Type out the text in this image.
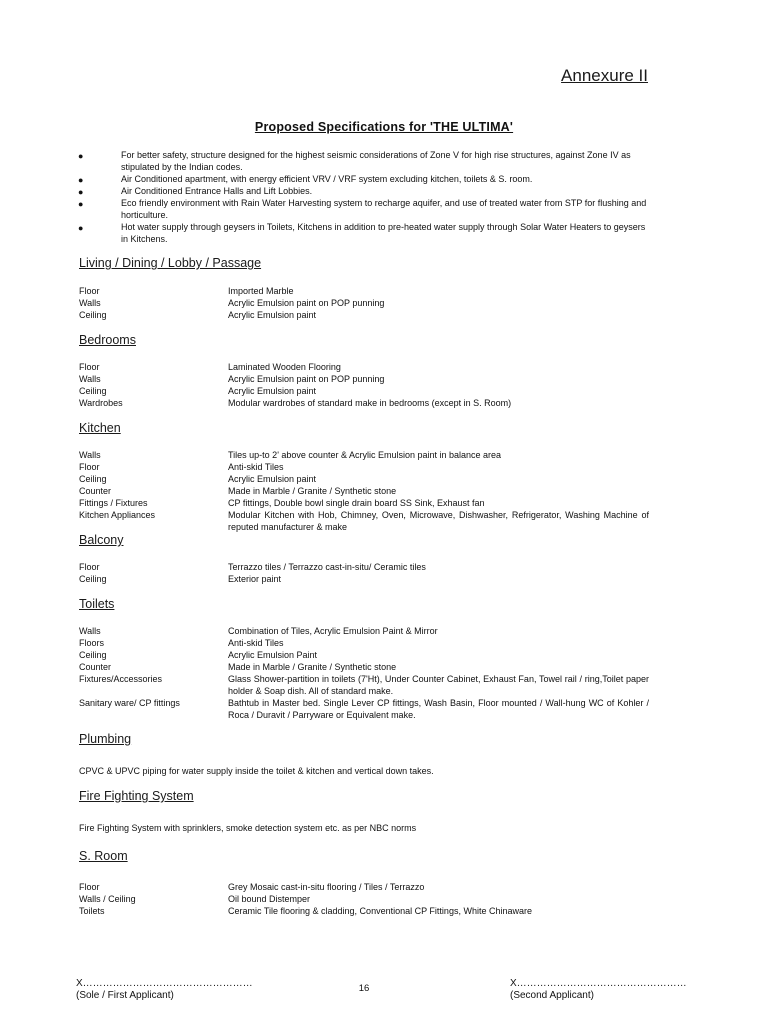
Annexure II
Proposed Specifications for 'THE ULTIMA'
●	For better safety, structure designed for the highest seismic considerations of Zone V for high rise structures, against Zone IV as stipulated by the Indian codes.
●	Air Conditioned apartment, with energy efficient VRV / VRF system excluding kitchen, toilets & S. room.
●	Air Conditioned Entrance Halls and Lift Lobbies.
●	Eco friendly environment with Rain Water Harvesting system to recharge aquifer, and use of treated water from STP for flushing and horticulture.
●	Hot water supply through geysers in Toilets, Kitchens in addition to pre-heated water supply through Solar Water Heaters to geysers in Kitchens.
Living / Dining / Lobby / Passage
Floor	Imported Marble
Walls	Acrylic Emulsion paint on POP punning
Ceiling	Acrylic Emulsion paint
Bedrooms
Floor	Laminated Wooden Flooring
Walls	Acrylic Emulsion paint on POP punning
Ceiling	Acrylic Emulsion paint
Wardrobes	Modular wardrobes of standard make in bedrooms (except in S. Room)
Kitchen
Walls	Tiles up-to 2' above counter & Acrylic Emulsion paint in balance area
Floor	Anti-skid Tiles
Ceiling	Acrylic Emulsion paint
Counter	Made in Marble / Granite / Synthetic stone
Fittings / Fixtures	CP fittings, Double bowl single drain board SS Sink, Exhaust fan
Kitchen Appliances	Modular Kitchen with Hob, Chimney, Oven, Microwave, Dishwasher, Refrigerator, Washing Machine of reputed manufacturer & make
Balcony
Floor	Terrazzo tiles / Terrazzo cast-in-situ/ Ceramic tiles
Ceiling	Exterior paint
Toilets
Walls	Combination of Tiles, Acrylic Emulsion Paint & Mirror
Floors	Anti-skid Tiles
Ceiling	Acrylic Emulsion Paint
Counter	Made in Marble / Granite / Synthetic stone
Fixtures/Accessories	Glass Shower-partition in toilets (7'Ht), Under Counter Cabinet, Exhaust Fan, Towel rail / ring,Toilet paper holder & Soap dish. All of standard make.
Sanitary ware/ CP fittings	Bathtub in Master bed. Single Lever CP fittings, Wash Basin, Floor mounted / Wall-hung WC of Kohler / Roca / Duravit / Parryware or Equivalent make.
Plumbing
CPVC & UPVC piping for water supply inside the toilet & kitchen and vertical down takes.
Fire Fighting System
Fire Fighting System with sprinklers, smoke detection system etc. as per NBC norms
S. Room
Floor	Grey Mosaic cast-in-situ flooring / Tiles / Terrazzo
Walls / Ceiling	Oil bound Distemper
Toilets	Ceramic Tile flooring & cladding, Conventional CP Fittings, White Chinaware
X……………………………………………
(Sole / First Applicant)
16	X……………………………………………
(Second Applicant)
